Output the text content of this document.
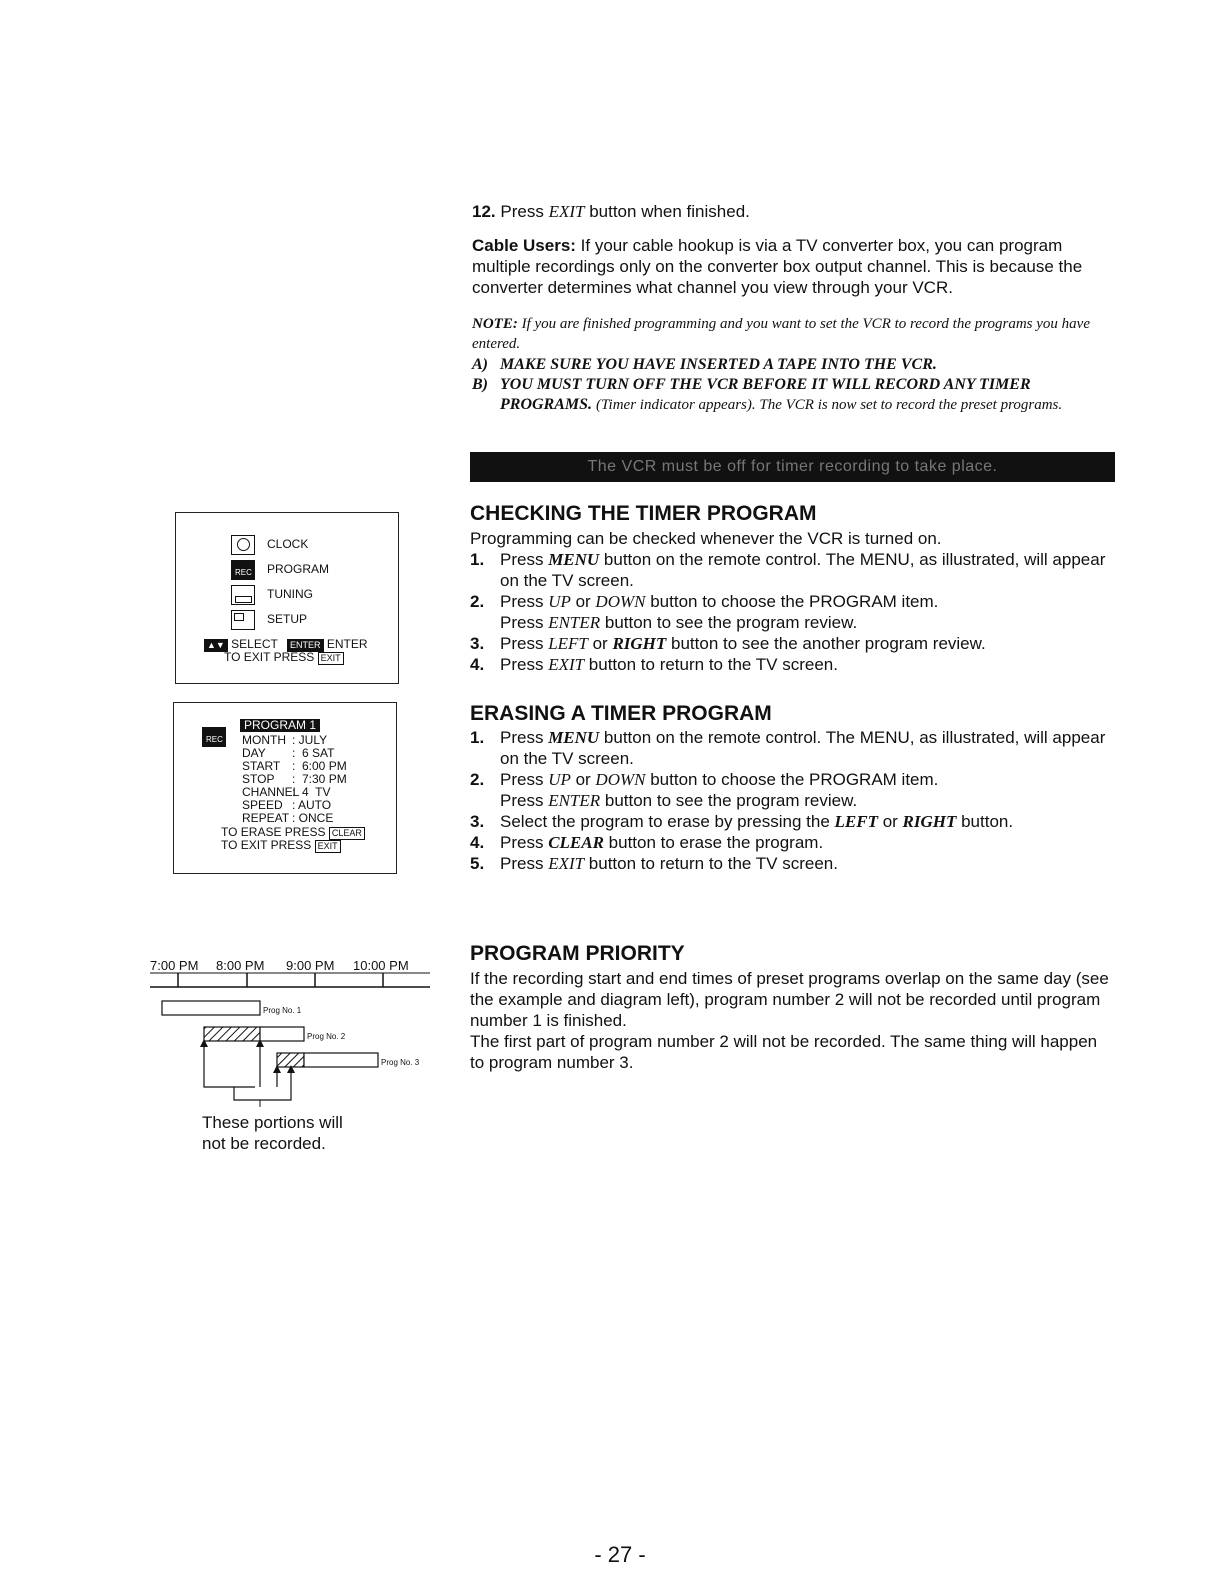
12. Press EXIT button when finished.
Cable Users: If your cable hookup is via a TV converter box, you can program multiple recordings only on the converter box output channel. This is because the converter determines what channel you view through your VCR.
NOTE: If you are finished programming and you want to set the VCR to record the programs you have entered.
A) MAKE SURE YOU HAVE INSERTED A TAPE INTO THE VCR.
B) YOU MUST TURN OFF THE VCR BEFORE IT WILL RECORD ANY TIMER PROGRAMS. (Timer indicator appears). The VCR is now set to record the preset programs.
The VCR must be off for timer recording to take place.
CHECKING THE TIMER PROGRAM
Programming can be checked whenever the VCR is turned on.
1. Press MENU button on the remote control. The MENU, as illustrated, will appear on the TV screen.
2. Press UP or DOWN button to choose the PROGRAM item.
Press ENTER button to see the program review.
3. Press LEFT or RIGHT button to see the another program review.
4. Press EXIT button to return to the TV screen.
ERASING A TIMER PROGRAM
1. Press MENU button on the remote control. The MENU, as illustrated, will appear on the TV screen.
2. Press UP or DOWN button to choose the PROGRAM item.
Press ENTER button to see the program review.
3. Select the program to erase by pressing the LEFT or RIGHT button.
4. Press CLEAR button to erase the program.
5. Press EXIT button to return to the TV screen.
PROGRAM PRIORITY
If the recording start and end times of preset programs overlap on the same day (see the example and diagram left), program number 2 will not be recorded until program number 1 is finished.
The first part of program number 2 will not be recorded. The same thing will happen to program number 3.
CLOCK
REC PROGRAM
TUNING
SETUP
▲▼ SELECT ENTER ENTER
TO EXIT PRESS EXIT
REC
PROGRAM 1
MONTH : JULY
DAY :  6 SAT
START :  6:00 PM
STOP :  7:30 PM
CHANNEL
:  4  TV
SPEED : AUTO
REPEAT : ONCE
TO ERASE PRESS CLEAR
TO EXIT PRESS EXIT
7:00 PM 8:00 PM 9:00 PM 10:00 PM
Prog No. 1
Prog No. 2
Prog No. 3
These portions will
not be recorded.
- 27 -
